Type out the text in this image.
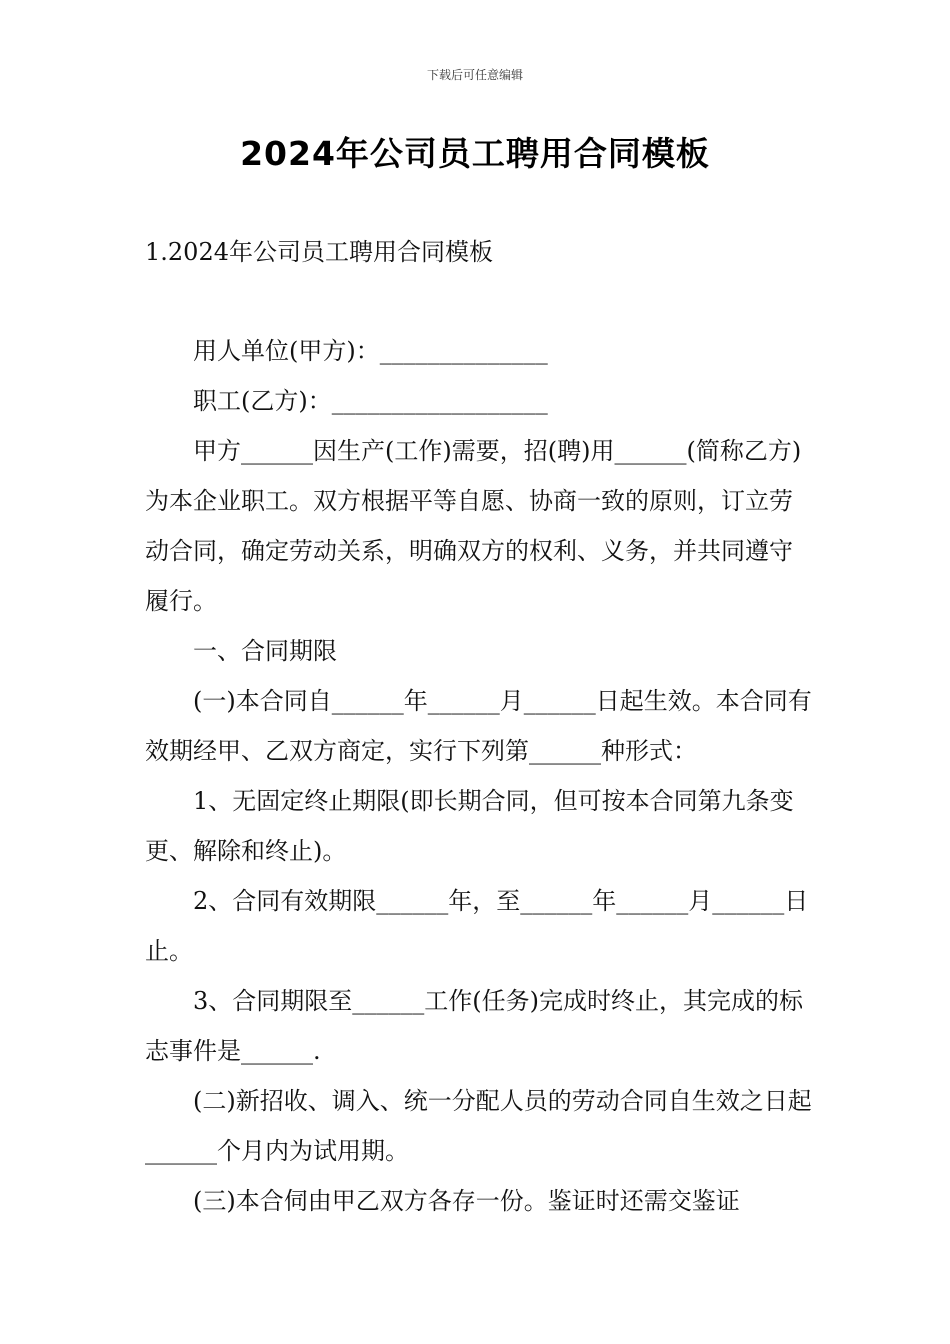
下载后可任意编辑
2024年公司员工聘用合同模板
1.2024年公司员工聘用合同模板

用人单位(甲方)：______________

职工(乙方)：__________________

甲方______因生产(工作)需要，招(聘)用______(简称乙方)为本企业职工。双方根据平等自愿、协商一致的原则，订立劳动合同，确定劳动关系，明确双方的权利、义务，并共同遵守履行。

一、合同期限

(一)本合同自______年______月______日起生效。本合同有效期经甲、乙双方商定，实行下列第______种形式：

1、无固定终止期限(即长期合同，但可按本合同第九条变更、解除和终止)。

2、合同有效期限______年，至______年______月______日止。

3、合同期限至______工作(任务)完成时终止，其完成的标志事件是______.

(二)新招收、调入、统一分配人员的劳动合同自生效之日起______个月内为试用期。

(三)本合伺由甲乙双方各存一份。鉴证时还需交鉴证
